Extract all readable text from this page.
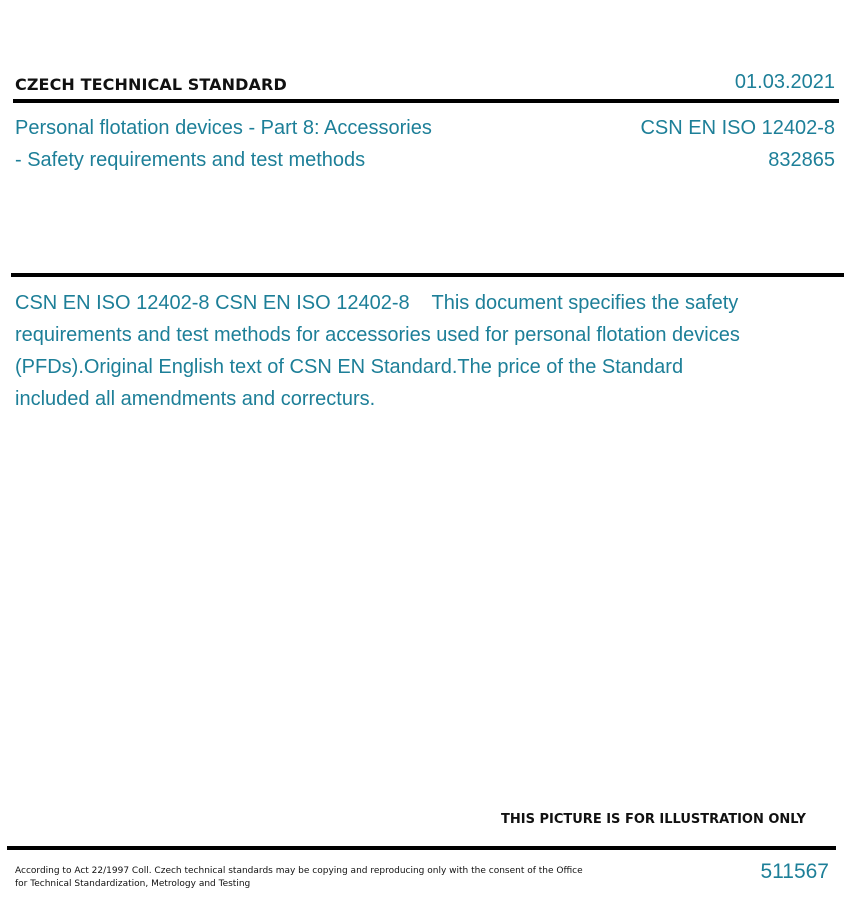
CZECH TECHNICAL STANDARD	01.03.2021
Personal flotation devices - Part 8: Accessories
- Safety requirements and test methods
CSN EN ISO 12402-8
832865
CSN EN ISO 12402-8 CSN EN ISO 12402-8    This document specifies the safety requirements and test methods for accessories used for personal flotation devices (PFDs).Original English text of CSN EN Standard.The price of the Standard included all amendments and correcturs.
THIS PICTURE IS FOR ILLUSTRATION ONLY
According to Act 22/1997 Coll. Czech technical standards may be copying and reproducing only with the consent of the Office
for Technical Standardization, Metrology and Testing
511567
